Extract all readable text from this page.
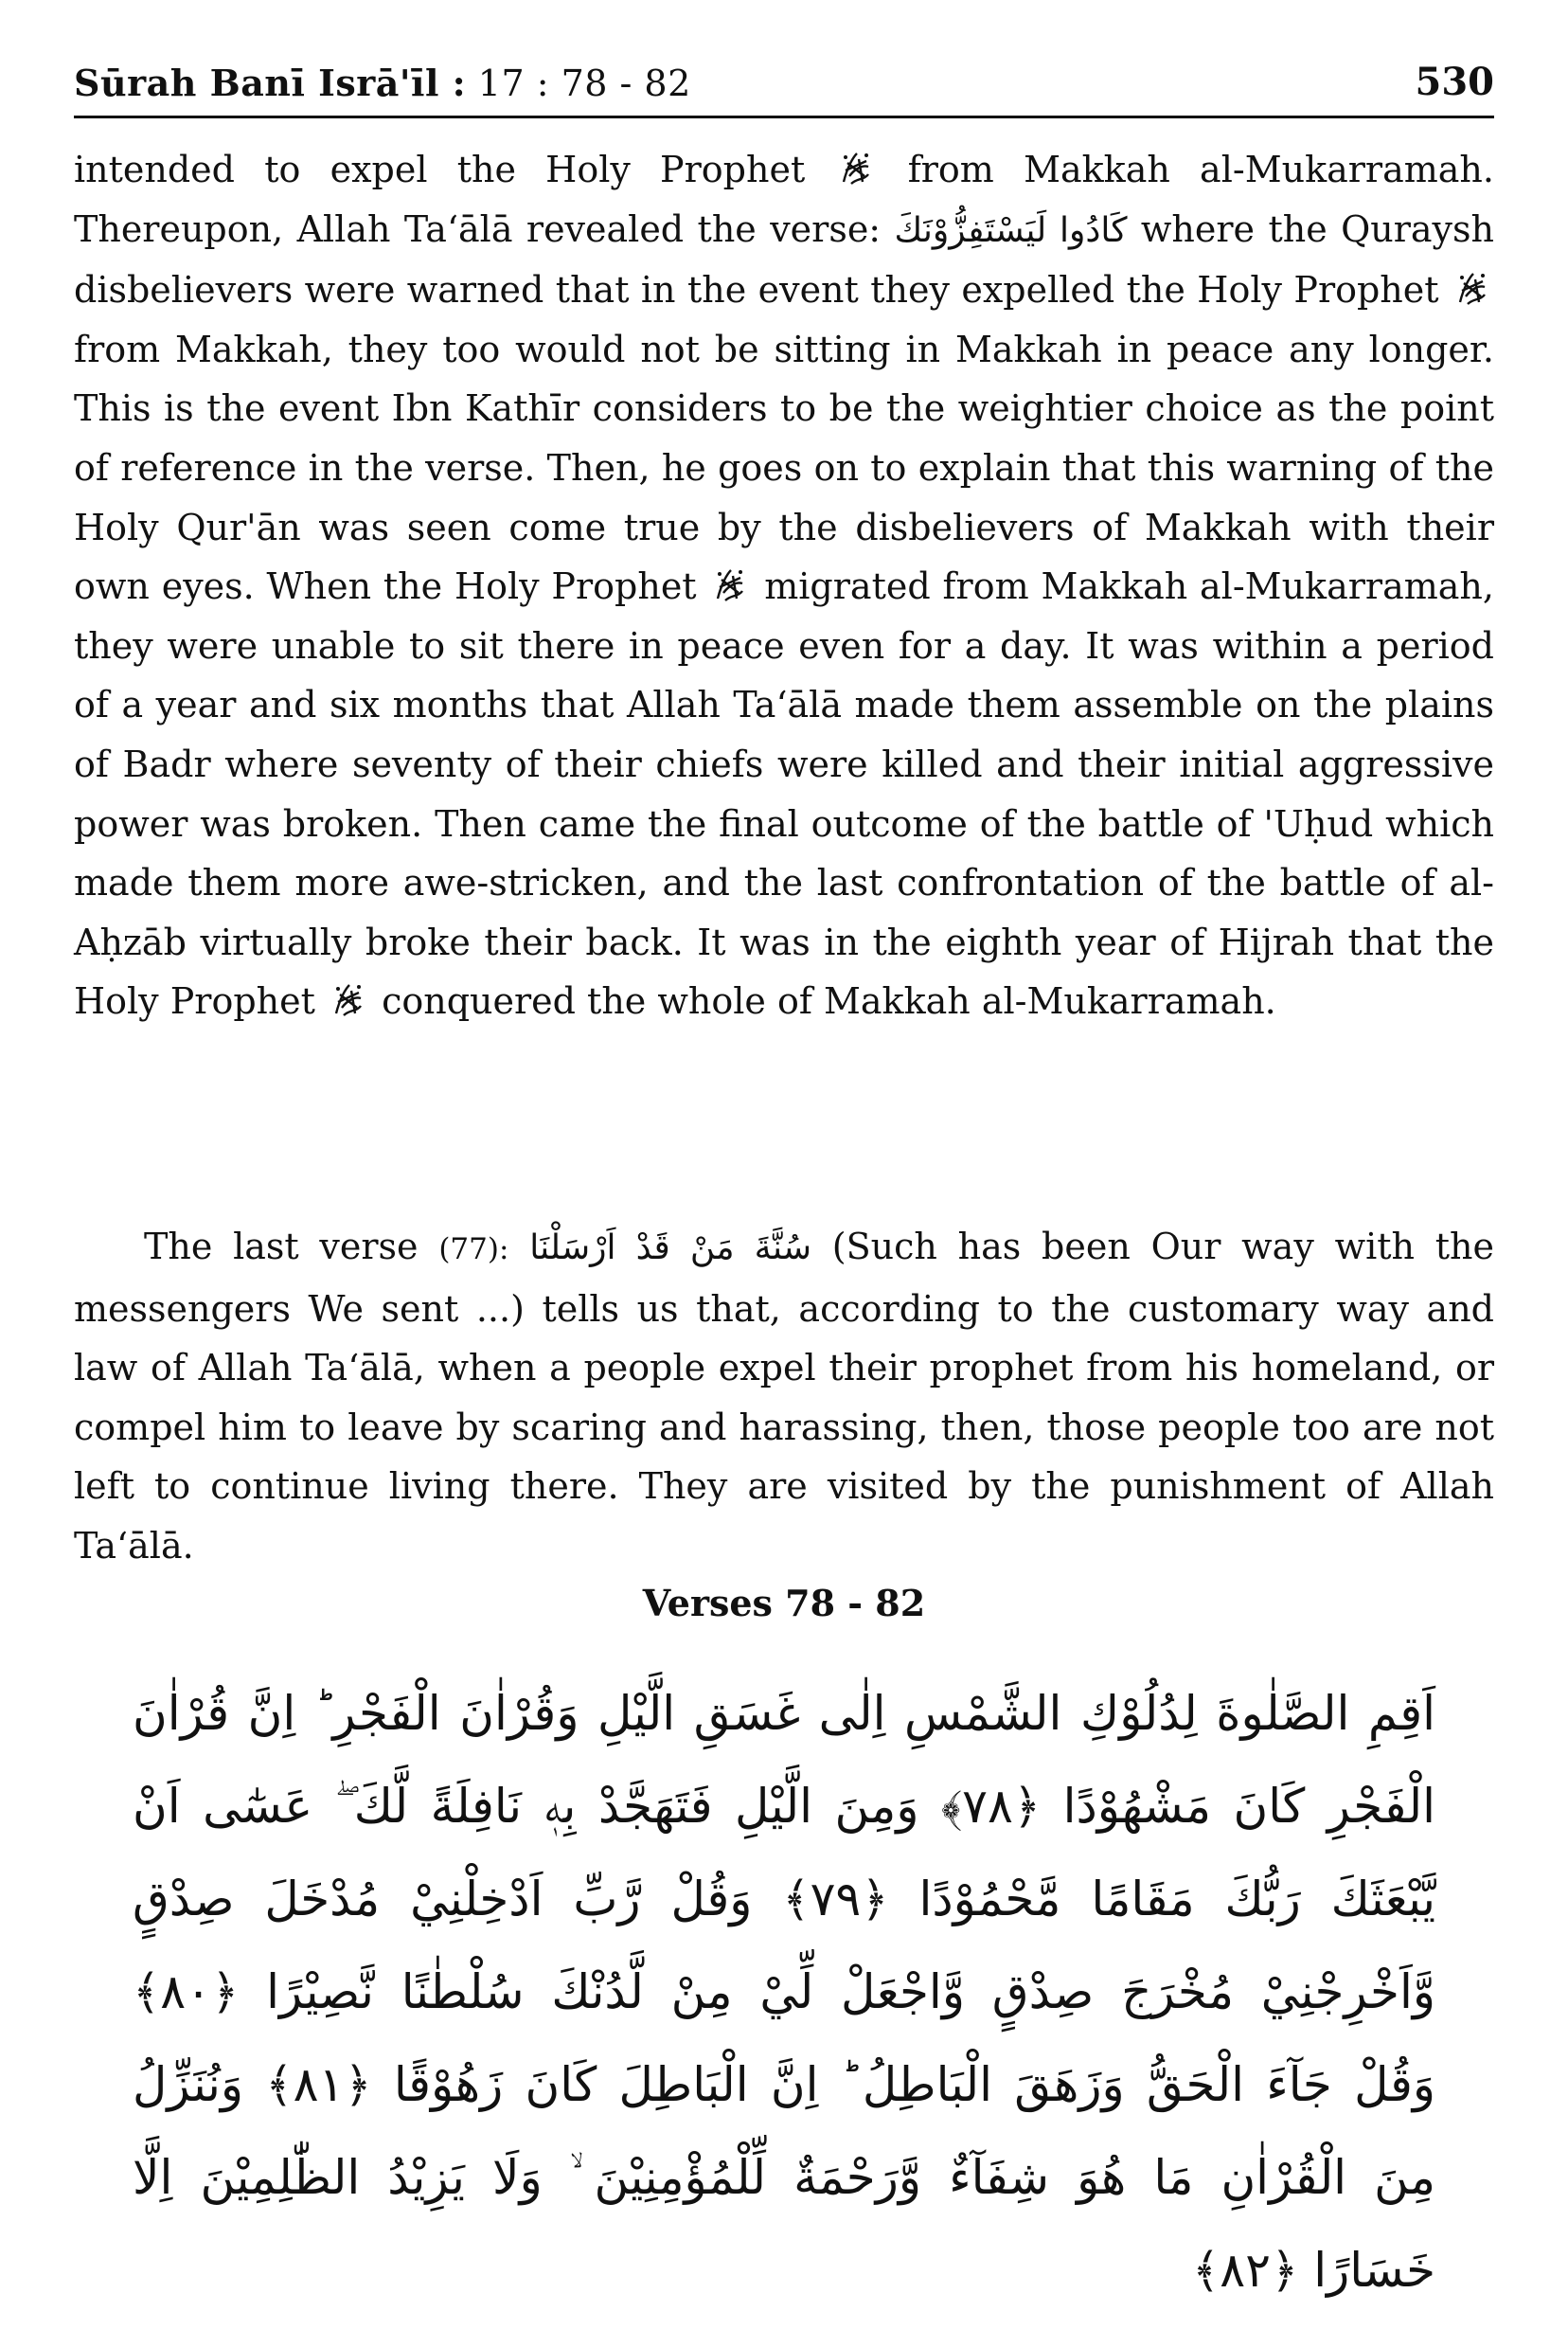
Sūrah Banī Isrā'īl : 17 : 78 - 82	530
intended to expel the Holy Prophet	from Makkah al-Mukarramah. Thereupon, Allah Ta‘ālā revealed the verse: كَادُوا لَيَسْتَفِزُّوْنَكَ where the Quraysh disbelievers were warned that in the event they expelled the Holy Prophet  from Makkah, they too would not be sitting in Makkah in peace any longer. This is the event Ibn Kathīr considers to be the weightier choice as the point of reference in the verse. Then, he goes on to explain that this warning of the Holy Qur'ān was seen come true by the disbelievers of Makkah with their own eyes. When the Holy Prophet migrated from Makkah al-Mukarramah, they were unable to sit there in peace even for a day. It was within a period of a year and six months that Allah Ta‘ālā made them assemble on the plains of Badr where seventy of their chiefs were killed and their initial aggressive power was broken. Then came the final outcome of the battle of 'Uḥud which made them more awe-stricken, and the last confrontation of the battle of al-Aḥzāb virtually broke their back. It was in the eighth year of Hijrah that the Holy Prophet conquered the whole of Makkah al-Mukarramah.
The last verse (77): سُنَّةَ مَنْ قَدْ اَرْسَلْنَا (Such has been Our way with the messengers We sent ...) tells us that, according to the customary way and law of Allah Ta‘ālā, when a people expel their prophet from his homeland, or compel him to leave by scaring and harassing, then, those people too are not left to continue living there. They are visited by the punishment of Allah Ta‘ālā.
Verses 78 - 82
اَقِمِ الصَّلٰوةَ لِدُلُوْكِ الشَّمْسِ اِلٰى غَسَقِ الَّيْلِ وَقُرْاٰنَ الْفَجْرِ ؕ اِنَّ قُرْاٰنَ
الْفَجْرِ كَانَ مَشْهُوْدًا ﴿۷۸﴾ وَمِنَ الَّيْلِ فَتَهَجَّدْ بِهٖ نَافِلَةً لَّكَ ۖ عَسٰٓى اَنْ
يَّبْعَثَكَ رَبُّكَ مَقَامًا مَّحْمُوْدًا ﴿۷۹﴾ وَقُلْ رَّبِّ اَدْخِلْنِيْ مُدْخَلَ صِدْقٍ
وَّاَخْرِجْنِيْ مُخْرَجَ صِدْقٍ وَّاجْعَلْ لِّيْ مِنْ لَّدُنْكَ سُلْطٰنًا نَّصِيْرًا ﴿۸۰﴾
وَقُلْ جَآءَ الْحَقُّ وَزَهَقَ الْبَاطِلُ ؕ اِنَّ الْبَاطِلَ كَانَ زَهُوْقًا ﴿۸۱﴾ وَنُنَزِّلُ
مِنَ الْقُرْاٰنِ مَا هُوَ شِفَآءٌ وَّرَحْمَةٌ لِّلْمُؤْمِنِيْنَ ۙ وَلَا يَزِيْدُ الظّٰلِمِيْنَ اِلَّا
خَسَارًا ﴿۸۲﴾
